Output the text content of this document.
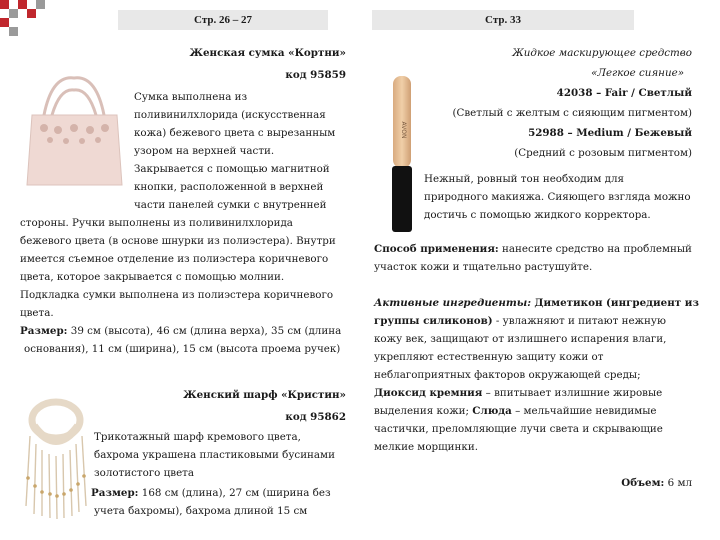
Стр. 26 – 27	Стр. 33
Женская сумка «Кортни»
код 95859
Сумка выполнена из
поливинилхлорида (искусственная
кожа) бежевого цвета с вырезанным
узором на верхней части.
Закрывается с помощью магнитной
кнопки, расположенной в верхней
части панелей сумки с внутренней
стороны. Ручки выполнены из поливинилхлорида
бежевого цвета (в основе шнурки из полиэстера). Внутри
имеется съемное отделение из полиэстера коричневого
цвета, которое закрывается с помощью молнии.
Подкладка сумки выполнена из полиэстера коричневого
цвета.
Размер: 39 см (высота), 46 см (длина верха), 35 см (длина
основания), 11 см (ширина), 15 см (высота проема ручек)
Женский шарф «Кристин»
код 95862
Трикотажный шарф кремового цвета,
бахрома украшена пластиковыми бусинами
золотистого цвета
Размер: 168 см (длина), 27 см (ширина без
учета бахромы), бахрома длиной 15 см
Жидкое маскирующее средство
«Легкое сияние»
42038 – Fair / Светлый
(Светлый с желтым с сияющим пигментом)
52988 – Medium / Бежевый
(Средний с розовым пигментом)
AVON
Нежный, ровный тон необходим для
природного макияжа. Сияющего взгляда можно
достичь с помощью жидкого корректора.
Способ применения: нанесите средство на проблемный
участок кожи и тщательно растушуйте.
Активные ингредиенты: Диметикон (ингредиент из
группы силиконов) - увлажняют и питают нежную
кожу век, защищают от излишнего испарения влаги,
укрепляют естественную защиту кожи от
неблагоприятных факторов окружающей среды;
Диоксид кремния – впитывает излишние жировые
выделения кожи; Слюда – мельчайшие невидимые
частички, преломляющие лучи света и скрывающие
мелкие морщинки.
Объем: 6 мл
